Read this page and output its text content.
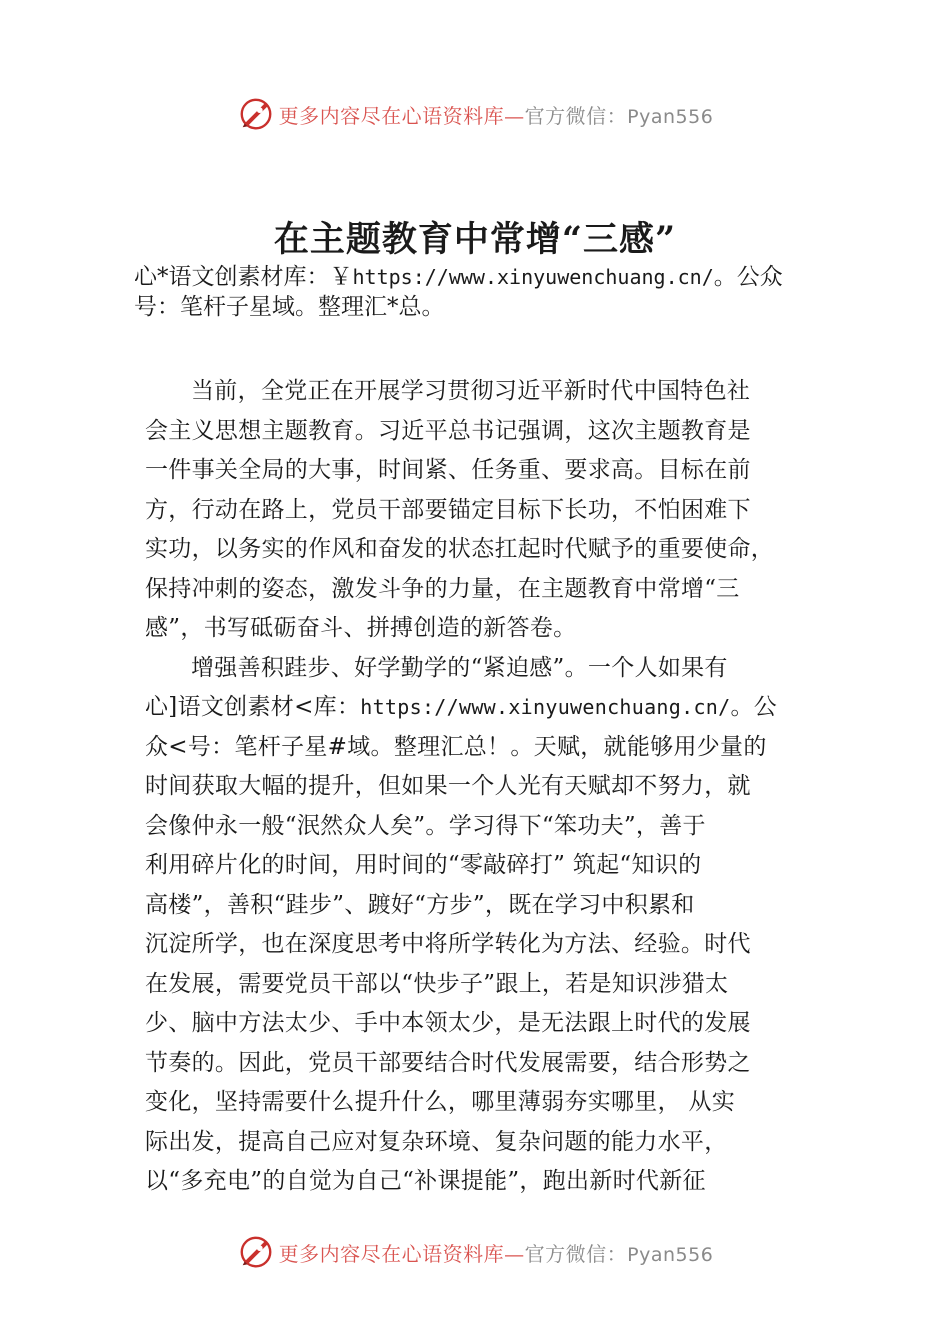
更多内容尽在心语资料库—官方微信：Pyan556
在主题教育中常增“三感”
心*语文创素材库：￥https://www.xinyuwenchuang.cn/。公众
号：笔杆子星域。整理汇*总。
当前，全党正在开展学习贯彻习近平新时代中国特色社
会主义思想主题教育。习近平总书记强调，这次主题教育是
一件事关全局的大事，时间紧、任务重、要求高。目标在前
方，行动在路上，党员干部要锚定目标下长功，不怕困难下
实功，以务实的作风和奋发的状态扛起时代赋予的重要使命，
保持冲刺的姿态，激发斗争的力量，在主题教育中常增“三
感”，书写砥砺奋斗、拼搏创造的新答卷。
增强善积跬步、好学勤学的“紧迫感”。一个人如果有
心]语文创素材<库：https://www.xinyuwenchuang.cn/。公
众<号：笔杆子星#域。整理汇总！。天赋，就能够用少量的
时间获取大幅的提升，但如果一个人光有天赋却不努力，就
会像仲永一般“泯然众人矣”。学习得下“笨功夫”，善于
利用碎片化的时间，用时间的“零敲碎打” 筑起“知识的
高楼”，善积“跬步”、踱好“方步”，既在学习中积累和
沉淀所学，也在深度思考中将所学转化为方法、经验。时代
在发展，需要党员干部以“快步子”跟上，若是知识涉猎太
少、脑中方法太少、手中本领太少，是无法跟上时代的发展
节奏的。因此，党员干部要结合时代发展需要，结合形势之
变化，坚持需要什么提升什么，哪里薄弱夯实哪里， 从实
际出发，提高自己应对复杂环境、复杂问题的能力水平，
以“多充电”的自觉为自己“补课提能”，跑出新时代新征
更多内容尽在心语资料库—官方微信：Pyan556
